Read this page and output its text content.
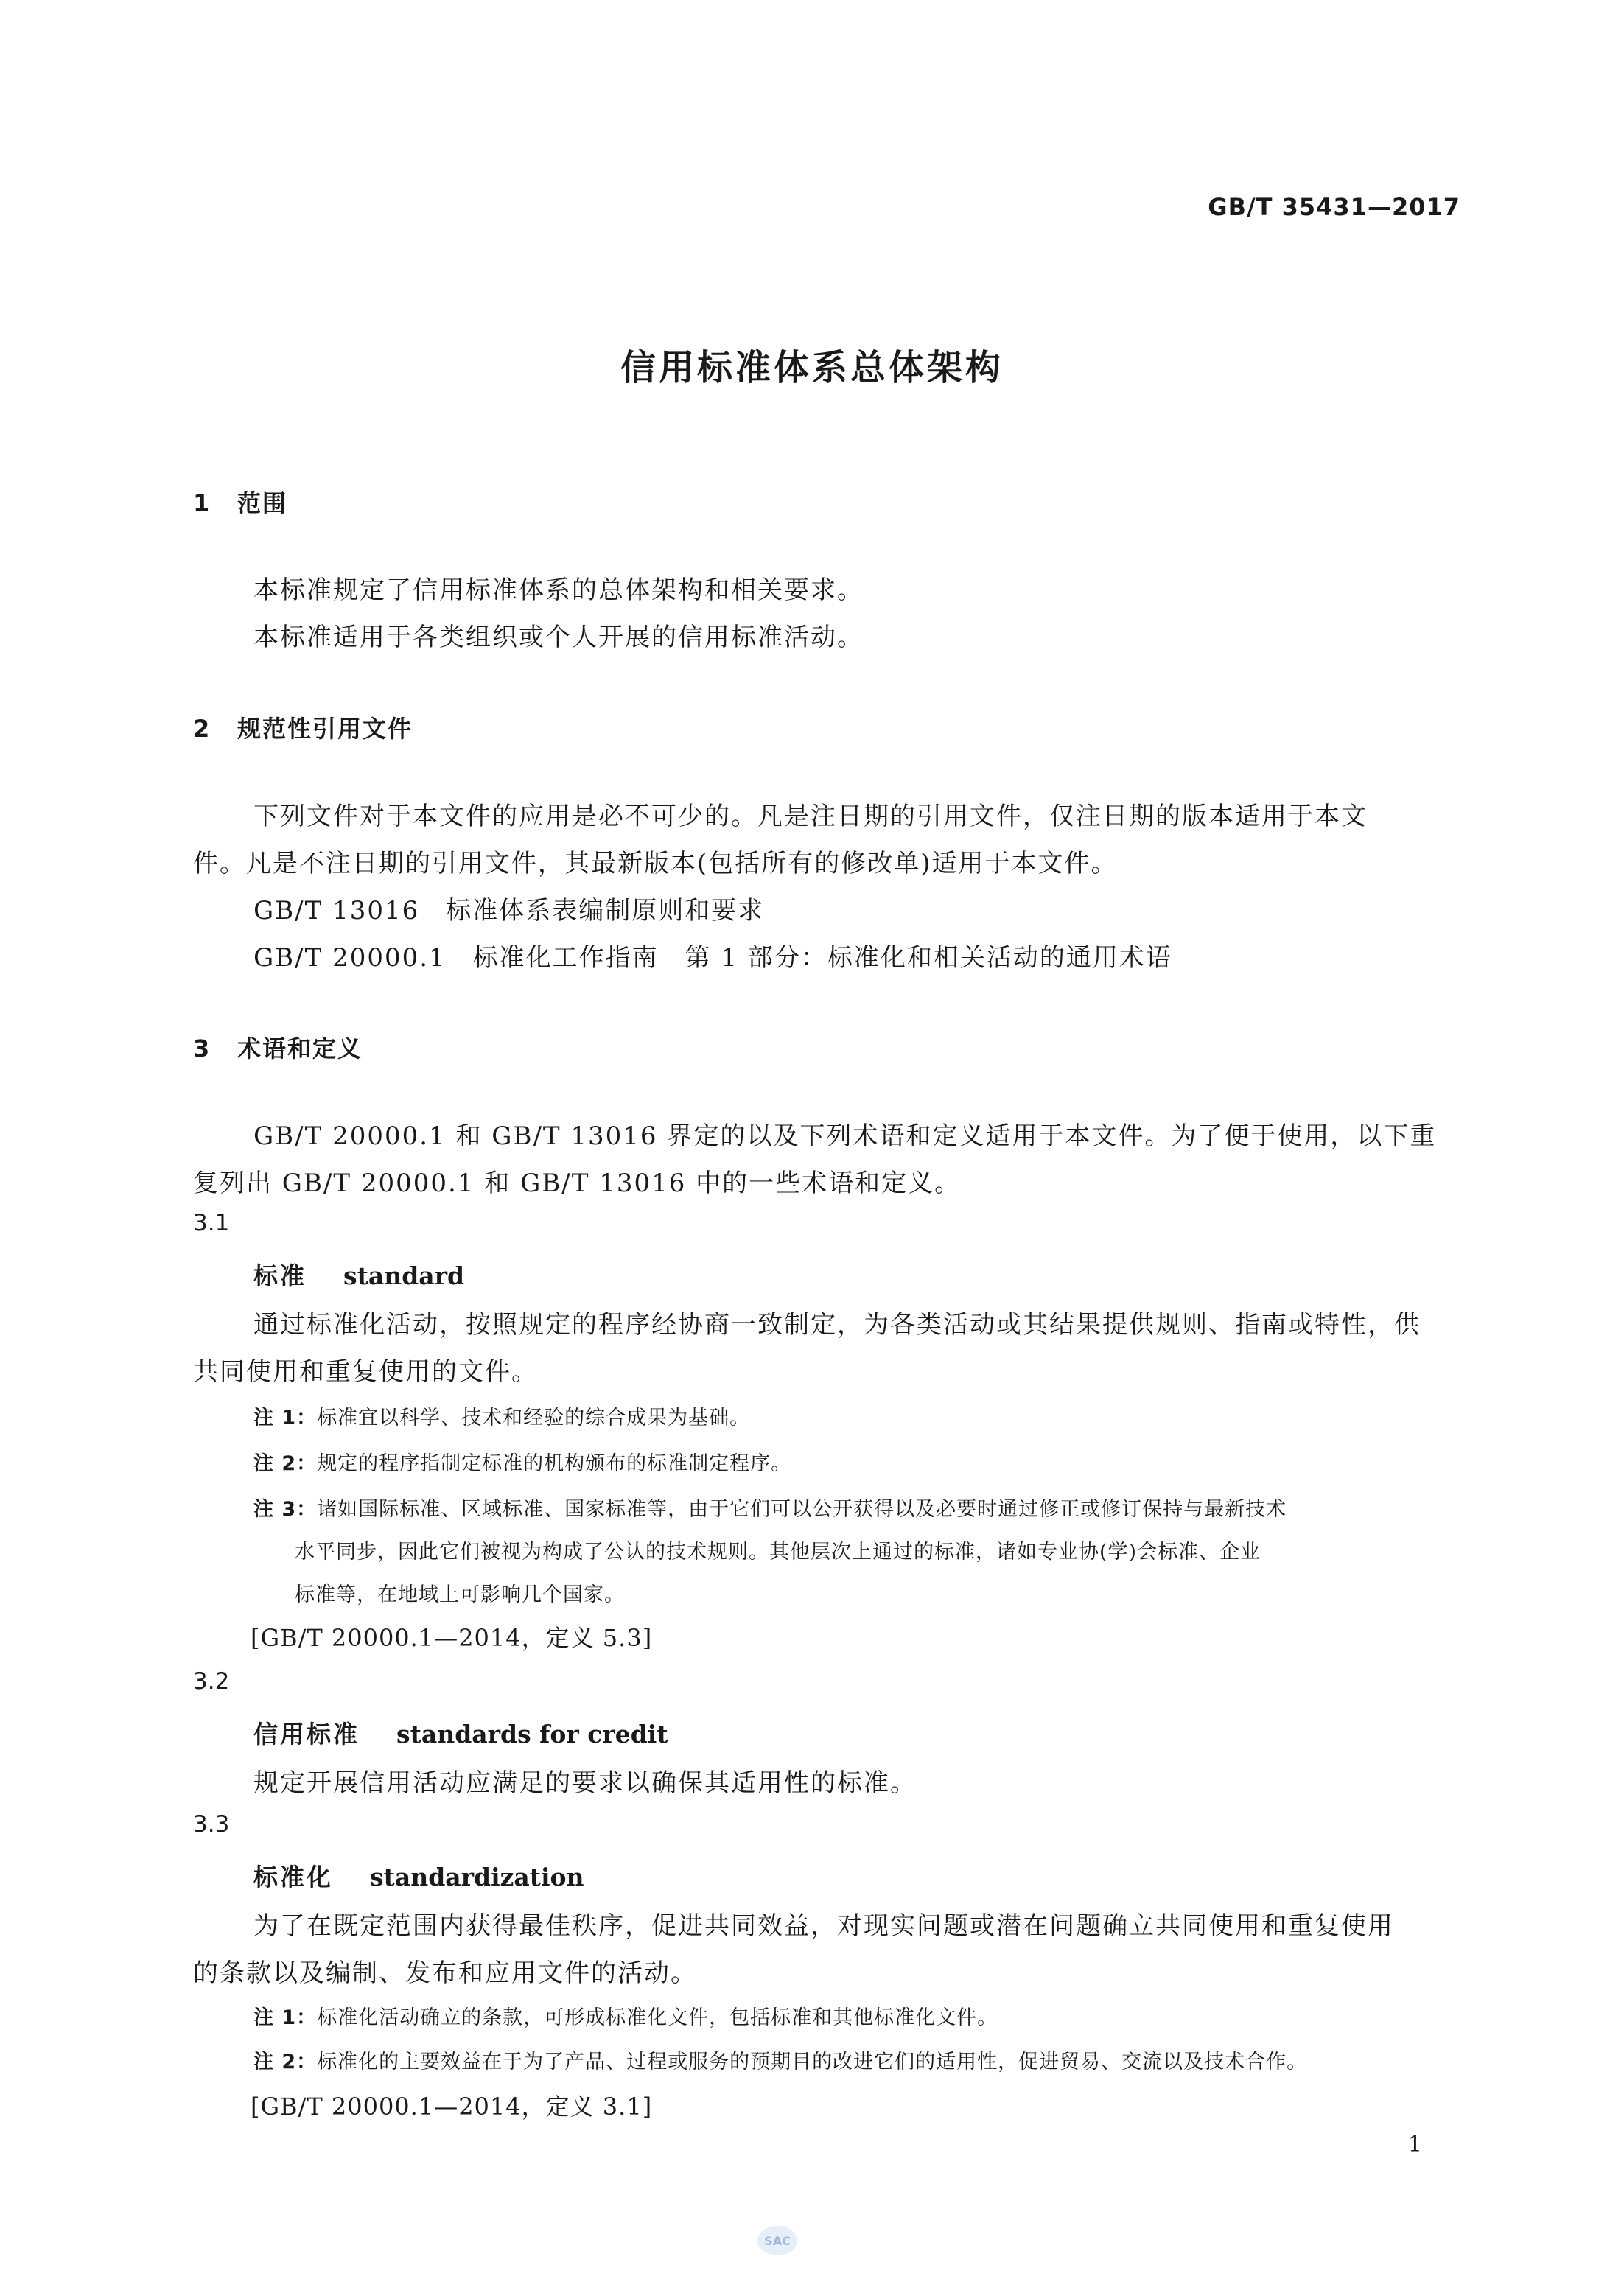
GB/T 35431—2017
信用标准体系总体架构
1 范围
本标准规定了信用标准体系的总体架构和相关要求。
本标准适用于各类组织或个人开展的信用标准活动。
2 规范性引用文件
下列文件对于本文件的应用是必不可少的。凡是注日期的引用文件，仅注日期的版本适用于本文
件。凡是不注日期的引用文件，其最新版本(包括所有的修改单)适用于本文件。
GB/T 13016　标准体系表编制原则和要求
GB/T 20000.1　标准化工作指南　第 1 部分：标准化和相关活动的通用术语
3 术语和定义
GB/T 20000.1 和 GB/T 13016 界定的以及下列术语和定义适用于本文件。为了便于使用，以下重
复列出 GB/T 20000.1 和 GB/T 13016 中的一些术语和定义。
3.1
标准 standard
通过标准化活动，按照规定的程序经协商一致制定，为各类活动或其结果提供规则、指南或特性，供
共同使用和重复使用的文件。
注 1：标准宜以科学、技术和经验的综合成果为基础。
注 2：规定的程序指制定标准的机构颁布的标准制定程序。
注 3：诸如国际标准、区域标准、国家标准等，由于它们可以公开获得以及必要时通过修正或修订保持与最新技术
水平同步，因此它们被视为构成了公认的技术规则。其他层次上通过的标准，诸如专业协(学)会标准、企业
标准等，在地域上可影响几个国家。
[GB/T 20000.1—2014，定义 5.3]
3.2
信用标准 standards for credit
规定开展信用活动应满足的要求以确保其适用性的标准。
3.3
标准化 standardization
为了在既定范围内获得最佳秩序，促进共同效益，对现实问题或潜在问题确立共同使用和重复使用
的条款以及编制、发布和应用文件的活动。
注 1：标准化活动确立的条款，可形成标准化文件，包括标准和其他标准化文件。
注 2：标准化的主要效益在于为了产品、过程或服务的预期目的改进它们的适用性，促进贸易、交流以及技术合作。
[GB/T 20000.1—2014，定义 3.1]
1
SAC
